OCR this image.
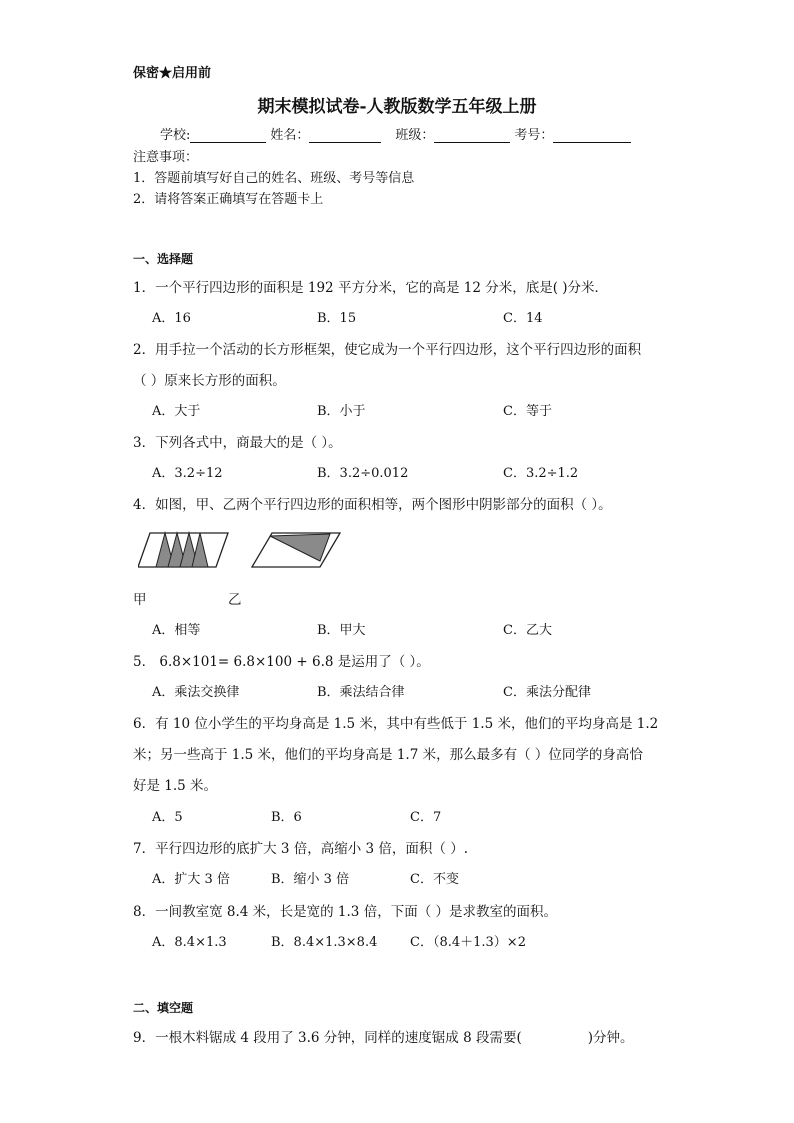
保密★启用前
期末模拟试卷-人教版数学五年级上册
学校:	姓名：	班级：	考号：
注意事项：
1．答题前填写好自己的姓名、班级、考号等信息
2．请将答案正确填写在答题卡上
一、选择题
1．一个平行四边形的面积是 192 平方分米，它的高是 12 分米，底是( )分米．
A．16	B．15	C．14
2．用手拉一个活动的长方形框架，使它成为一个平行四边形，这个平行四边形的面积
（ ）原来长方形的面积。
A．大于	B．小于	C．等于
3．下列各式中，商最大的是（ ）。
A．3.2÷12	B．3.2÷0.012	C．3.2÷1.2
4．如图，甲、乙两个平行四边形的面积相等，两个图形中阴影部分的面积（ ）。
甲	乙
A．相等	B．甲大	C．乙大
5． 6.8×101= 6.8×100 + 6.8 是运用了（ ）。
A．乘法交换律	B．乘法结合律	C．乘法分配律
6．有 10 位小学生的平均身高是 1.5 米，其中有些低于 1.5 米，他们的平均身高是 1.2
米；另一些高于 1.5 米，他们的平均身高是 1.7 米，那么最多有（ ）位同学的身高恰
好是 1.5 米。
A．5	B．6	C．7
7．平行四边形的底扩大 3 倍，高缩小 3 倍，面积（ ）.
A．扩大 3 倍	B．缩小 3 倍	C．不变
8．一间教室宽 8.4 米，长是宽的 1.3 倍，下面（ ）是求教室的面积。
A．8.4×1.3	B．8.4×1.3×8.4	C．（8.4＋1.3）×2
二、填空题
9．一根木料锯成 4 段用了 3.6 分钟，同样的速度锯成 8 段需要(	)分钟。
